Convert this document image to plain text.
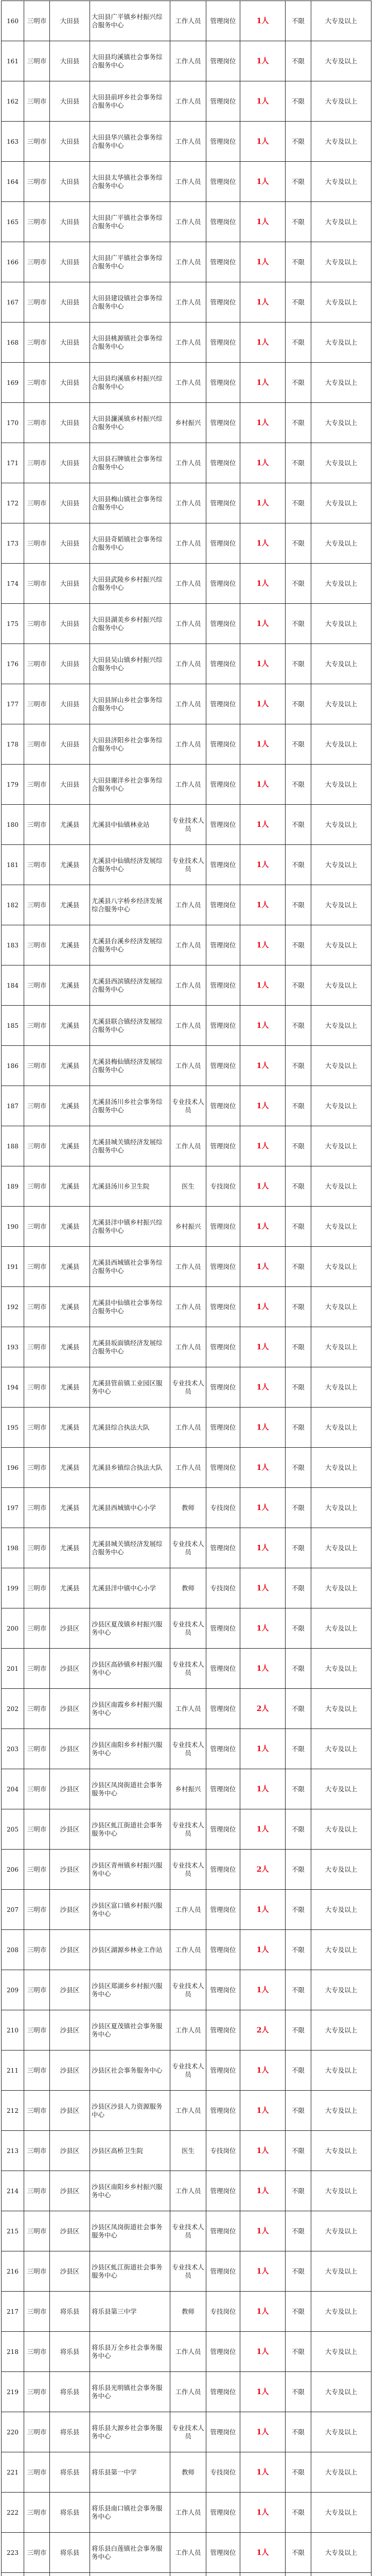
160	三明市	大田县	大田县广平镇乡村振兴综合服务中心	工作人员	管理岗位	1人	不限	大专及以上
161	三明市	大田县	大田县均溪镇社会事务综合服务中心	工作人员	管理岗位	1人	不限	大专及以上
162	三明市	大田县	大田县前坪乡社会事务综合服务中心	工作人员	管理岗位	1人	不限	大专及以上
163	三明市	大田县	大田县华兴镇社会事务综合服务中心	工作人员	管理岗位	1人	不限	大专及以上
164	三明市	大田县	大田县太华镇社会事务综合服务中心	工作人员	管理岗位	1人	不限	大专及以上
165	三明市	大田县	大田县广平镇社会事务综合服务中心	工作人员	管理岗位	1人	不限	大专及以上
166	三明市	大田县	大田县广平镇社会事务综合服务中心	工作人员	管理岗位	1人	不限	大专及以上
167	三明市	大田县	大田县建设镇社会事务综合服务中心	工作人员	管理岗位	1人	不限	大专及以上
168	三明市	大田县	大田县桃源镇社会事务综合服务中心	工作人员	管理岗位	1人	不限	大专及以上
169	三明市	大田县	大田县均溪镇乡村振兴综合服务中心	工作人员	管理岗位	1人	不限	大专及以上
170	三明市	大田县	大田县濂溪镇乡村振兴综合服务中心	乡村振兴	管理岗位	1人	不限	大专及以上
171	三明市	大田县	大田县石牌镇社会事务综合服务中心	工作人员	管理岗位	1人	不限	大专及以上
172	三明市	大田县	大田县梅山镇社会事务综合服务中心	工作人员	管理岗位	1人	不限	大专及以上
173	三明市	大田县	大田县奇韬镇社会事务综合服务中心	工作人员	管理岗位	1人	不限	大专及以上
174	三明市	大田县	大田县武陵乡乡村振兴综合服务中心	工作人员	管理岗位	1人	不限	大专及以上
175	三明市	大田县	大田县湖美乡乡村振兴综合服务中心	工作人员	管理岗位	1人	不限	大专及以上
176	三明市	大田县	大田县吴山镇乡村振兴综合服务中心	工作人员	管理岗位	1人	不限	大专及以上
177	三明市	大田县	大田县屏山乡社会事务综合服务中心	工作人员	管理岗位	1人	不限	大专及以上
178	三明市	大田县	大田县济阳乡社会事务综合服务中心	工作人员	管理岗位	1人	不限	大专及以上
179	三明市	大田县	大田县谢洋乡社会事务综合服务中心	工作人员	管理岗位	1人	不限	大专及以上
180	三明市	尤溪县	尤溪县中仙镇林业站	专业技术人员	管理岗位	1人	不限	大专及以上
181	三明市	尤溪县	尤溪县中仙镇经济发展综合服务中心	专业技术人员	管理岗位	1人	不限	大专及以上
182	三明市	尤溪县	尤溪县八字桥乡经济发展综合服务中心	工作人员	管理岗位	1人	不限	大专及以上
183	三明市	尤溪县	尤溪县台溪乡经济发展综合服务中心	工作人员	管理岗位	1人	不限	大专及以上
184	三明市	尤溪县	尤溪县西滨镇经济发展综合服务中心	工作人员	管理岗位	1人	不限	大专及以上
185	三明市	尤溪县	尤溪县联合镇经济发展综合服务中心	工作人员	管理岗位	1人	不限	大专及以上
186	三明市	尤溪县	尤溪县梅仙镇经济发展综合服务中心	工作人员	管理岗位	1人	不限	大专及以上
187	三明市	尤溪县	尤溪县汤川乡社会事务综合服务中心	专业技术人员	管理岗位	1人	不限	大专及以上
188	三明市	尤溪县	尤溪县城关镇经济发展综合服务中心	工作人员	管理岗位	1人	不限	大专及以上
189	三明市	尤溪县	尤溪县汤川乡卫生院	医生	专技岗位	1人	不限	大专及以上
190	三明市	尤溪县	尤溪县洋中镇乡村振兴综合服务中心	乡村振兴	管理岗位	1人	不限	大专及以上
191	三明市	尤溪县	尤溪县西城镇社会事务综合服务中心	工作人员	管理岗位	1人	不限	大专及以上
192	三明市	尤溪县	尤溪县中仙镇社会事务综合服务中心	工作人员	管理岗位	1人	不限	大专及以上
193	三明市	尤溪县	尤溪县坂面镇经济发展综合服务中心	工作人员	管理岗位	1人	不限	大专及以上
194	三明市	尤溪县	尤溪县管前镇工业园区服务中心	专业技术人员	管理岗位	1人	不限	大专及以上
195	三明市	尤溪县	尤溪县综合执法大队	工作人员	管理岗位	1人	不限	大专及以上
196	三明市	尤溪县	尤溪县乡镇综合执法大队	工作人员	管理岗位	1人	不限	大专及以上
197	三明市	尤溪县	尤溪县西城镇中心小学	教师	专技岗位	1人	不限	大专及以上
198	三明市	尤溪县	尤溪县城关镇经济发展综合服务中心	专业技术人员	管理岗位	1人	不限	大专及以上
199	三明市	尤溪县	尤溪县洋中镇中心小学	教师	专技岗位	1人	不限	大专及以上
200	三明市	沙县区	沙县区夏茂镇乡村振兴服务中心	专业技术人员	管理岗位	1人	不限	大专及以上
201	三明市	沙县区	沙县区高砂镇乡村振兴服务中心	专业技术人员	管理岗位	1人	不限	大专及以上
202	三明市	沙县区	沙县区南霞乡乡村振兴服务中心	工作人员	管理岗位	2人	不限	大专及以上
203	三明市	沙县区	沙县区南阳乡乡村振兴服务中心	专业技术人员	管理岗位	1人	不限	大专及以上
204	三明市	沙县区	沙县区凤岗街道社会事务服务中心	乡村振兴	管理岗位	1人	不限	大专及以上
205	三明市	沙县区	沙县区虬江街道社会事务服务中心	专业技术人员	管理岗位	1人	不限	大专及以上
206	三明市	沙县区	沙县区青州镇乡村振兴服务中心	专业技术人员	管理岗位	2人	不限	大专及以上
207	三明市	沙县区	沙县区富口镇乡村振兴服务中心	工作人员	管理岗位	1人	不限	大专及以上
208	三明市	沙县区	沙县区湖源乡林业工作站	工作人员	管理岗位	1人	不限	大专及以上
209	三明市	沙县区	沙县区郑湖乡乡村振兴服务中心	专业技术人员	管理岗位	1人	不限	大专及以上
210	三明市	沙县区	沙县区夏茂镇社会事务服务中心	工作人员	管理岗位	2人	不限	大专及以上
211	三明市	沙县区	沙县区社会事务服务中心	专业技术人员	管理岗位	1人	不限	大专及以上
212	三明市	沙县区	沙县区沙县人力资源服务中心	工作人员	管理岗位	1人	不限	大专及以上
213	三明市	沙县区	沙县区高桥卫生院	医生	专技岗位	1人	不限	大专及以上
214	三明市	沙县区	沙县区南阳乡乡村振兴服务中心	工作人员	管理岗位	1人	不限	大专及以上
215	三明市	沙县区	沙县区凤岗街道社会事务服务中心	专业技术人员	管理岗位	1人	不限	大专及以上
216	三明市	沙县区	沙县区虬江街道社会事务服务中心	专业技术人员	管理岗位	1人	不限	大专及以上
217	三明市	将乐县	将乐县第三中学	教师	专技岗位	1人	不限	大专及以上
218	三明市	将乐县	将乐县万全乡社会事务服务中心	工作人员	管理岗位	1人	不限	大专及以上
219	三明市	将乐县	将乐县光明镇社会事务服务中心	工作人员	管理岗位	1人	不限	大专及以上
220	三明市	将乐县	将乐县大源乡社会事务服务中心	专业技术人员	管理岗位	1人	不限	大专及以上
221	三明市	将乐县	将乐县第一中学	教师	专技岗位	1人	不限	大专及以上
222	三明市	将乐县	将乐县南口镇社会事务服务中心	工作人员	管理岗位	1人	不限	大专及以上
223	三明市	将乐县	将乐县白莲镇社会事务服务中心	工作人员	管理岗位	1人	不限	大专及以上
